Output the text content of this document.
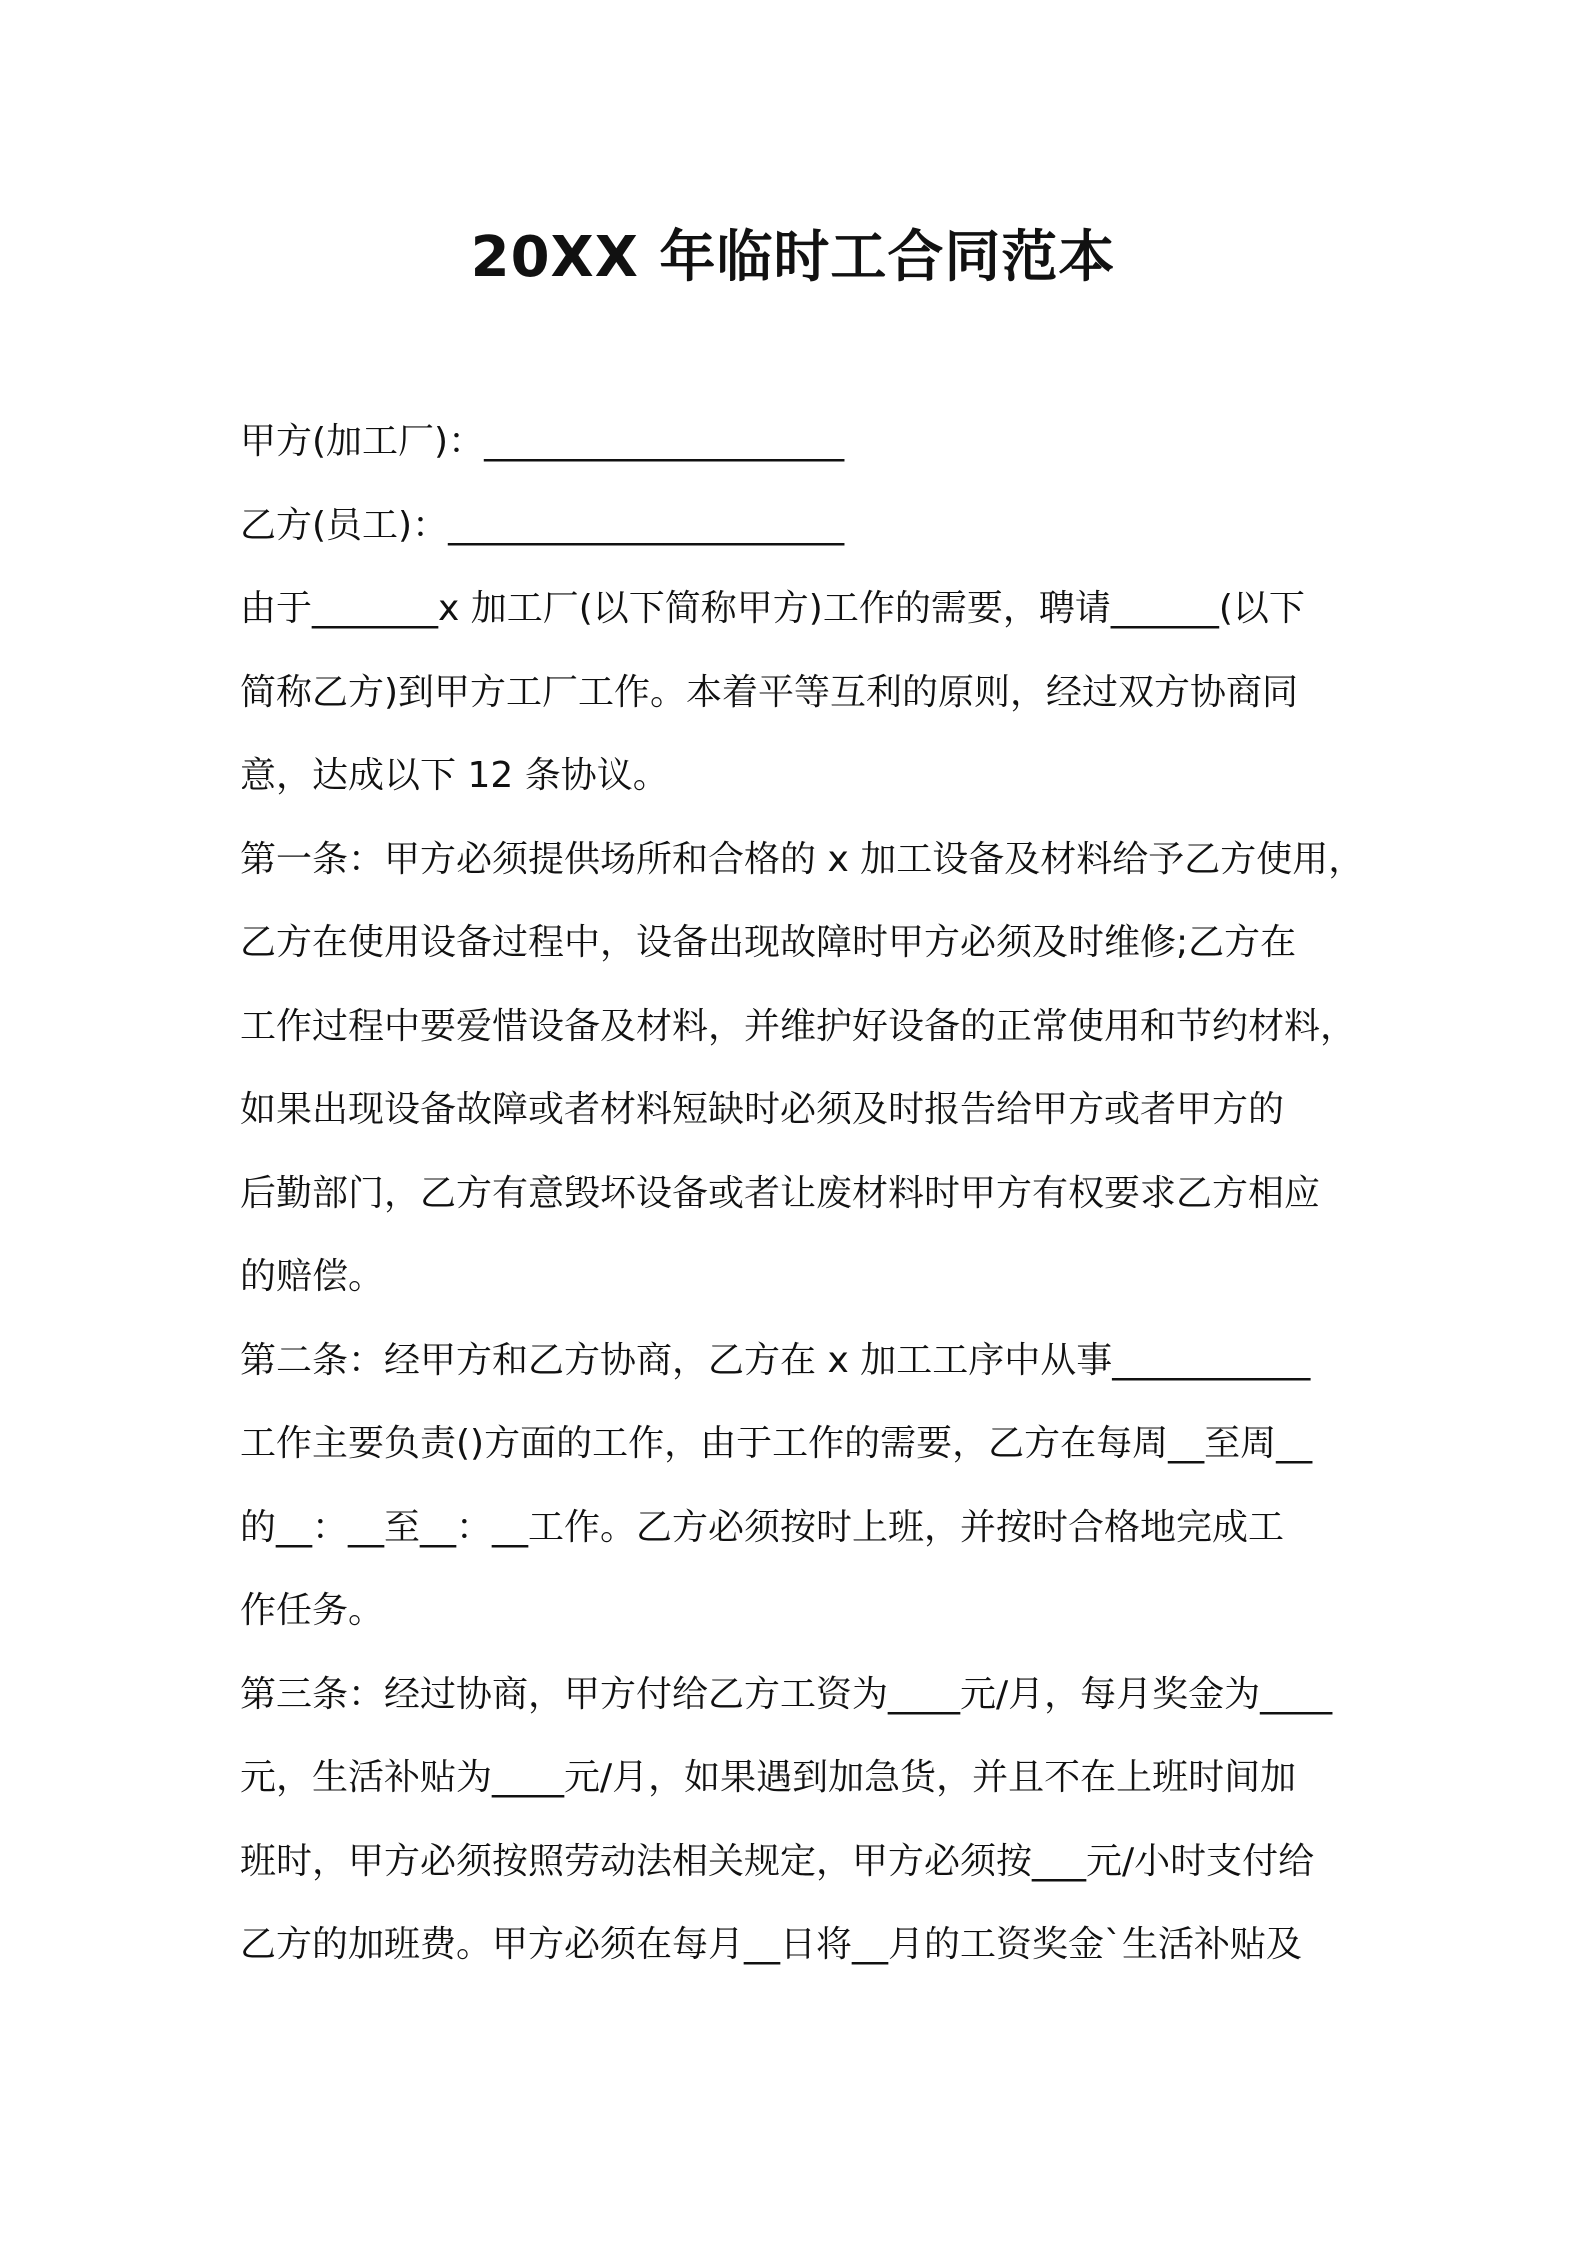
20XX 年临时工合同范本
甲方(加工厂)：____________________
乙方(员工)：______________________
由于_______x 加工厂(以下简称甲方)工作的需要，聘请______(以下
简称乙方)到甲方工厂工作。本着平等互利的原则，经过双方协商同
意，达成以下 12 条协议。
第一条：甲方必须提供场所和合格的 x 加工设备及材料给予乙方使用，
乙方在使用设备过程中，设备出现故障时甲方必须及时维修;乙方在
工作过程中要爱惜设备及材料，并维护好设备的正常使用和节约材料，
如果出现设备故障或者材料短缺时必须及时报告给甲方或者甲方的
后勤部门，乙方有意毁坏设备或者让废材料时甲方有权要求乙方相应
的赔偿。
第二条：经甲方和乙方协商，乙方在 x 加工工序中从事___________
工作主要负责()方面的工作，由于工作的需要，乙方在每周__至周__
的__：__至__：__工作。乙方必须按时上班，并按时合格地完成工
作任务。
第三条：经过协商，甲方付给乙方工资为____元/月，每月奖金为____
元，生活补贴为____元/月，如果遇到加急货，并且不在上班时间加
班时，甲方必须按照劳动法相关规定，甲方必须按___元/小时支付给
乙方的加班费。甲方必须在每月__日将__月的工资奖金`生活补贴及
